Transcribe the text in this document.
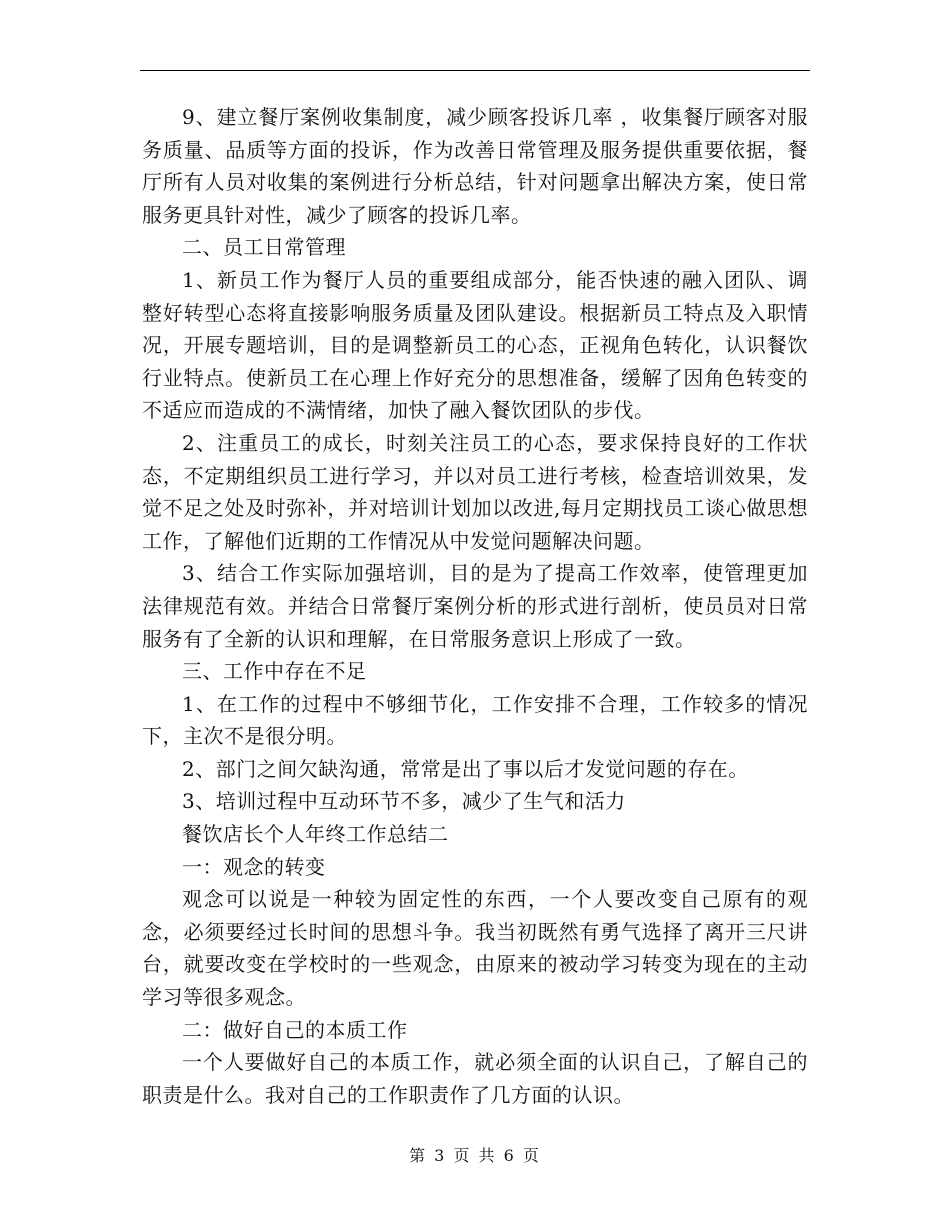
9、建立餐厅案例收集制度，减少顾客投诉几率 ，收集餐厅顾客对服务质量、品质等方面的投诉，作为改善日常管理及服务提供重要依据，餐厅所有人员对收集的案例进行分析总结，针对问题拿出解决方案，使日常服务更具针对性，减少了顾客的投诉几率。

二、员工日常管理

1、新员工作为餐厅人员的重要组成部分，能否快速的融入团队、调整好转型心态将直接影响服务质量及团队建设。根据新员工特点及入职情况，开展专题培训，目的是调整新员工的心态，正视角色转化，认识餐饮行业特点。使新员工在心理上作好充分的思想准备，缓解了因角色转变的不适应而造成的不满情绪，加快了融入餐饮团队的步伐。

2、注重员工的成长，时刻关注员工的心态，要求保持良好的工作状态，不定期组织员工进行学习，并以对员工进行考核，检查培训效果，发觉不足之处及时弥补，并对培训计划加以改进,每月定期找员工谈心做思想工作，了解他们近期的工作情况从中发觉问题解决问题。

3、结合工作实际加强培训，目的是为了提高工作效率，使管理更加法律规范有效。并结合日常餐厅案例分析的形式进行剖析，使员员对日常服务有了全新的认识和理解，在日常服务意识上形成了一致。

三、工作中存在不足

1、在工作的过程中不够细节化，工作安排不合理，工作较多的情况下，主次不是很分明。

2、部门之间欠缺沟通，常常是出了事以后才发觉问题的存在。

3、培训过程中互动环节不多，减少了生气和活力

餐饮店长个人年终工作总结二

一：观念的转变

观念可以说是一种较为固定性的东西，一个人要改变自己原有的观念，必须要经过长时间的思想斗争。我当初既然有勇气选择了离开三尺讲台，就要改变在学校时的一些观念，由原来的被动学习转变为现在的主动学习等很多观念。

二：做好自己的本质工作

一个人要做好自己的本质工作，就必须全面的认识自己，了解自己的职责是什么。我对自己的工作职责作了几方面的认识。

第 3 页 共 6 页
